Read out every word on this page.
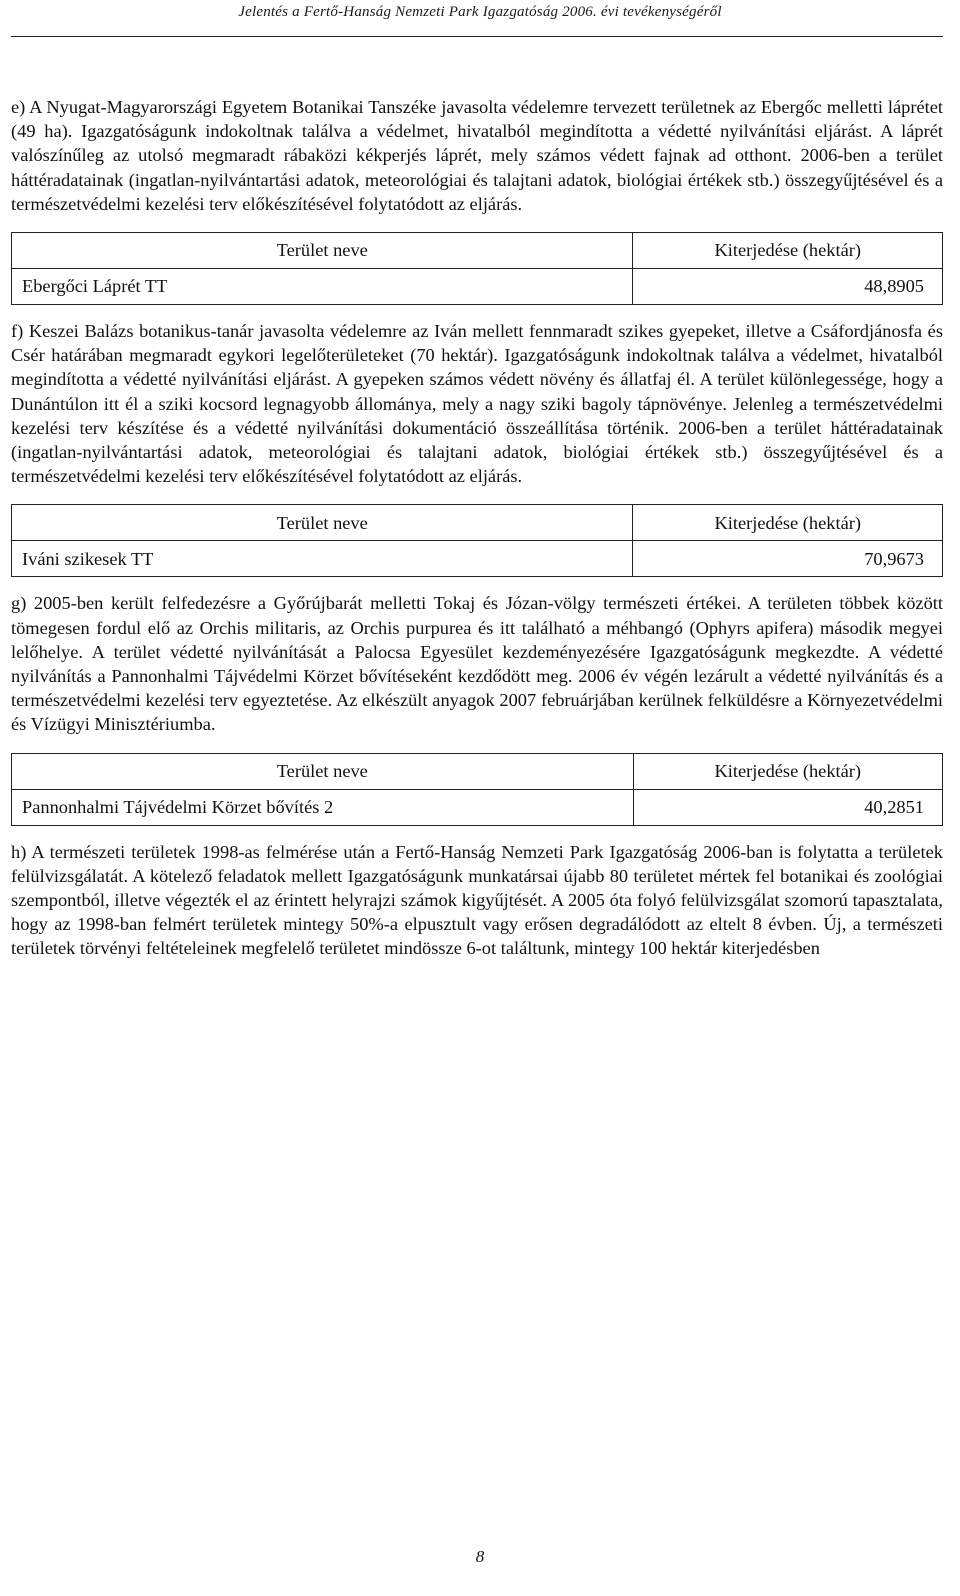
Jelentés a Fertő-Hanság Nemzeti Park Igazgatóság 2006. évi tevékenységéről

e) A Nyugat-Magyarországi Egyetem Botanikai Tanszéke javasolta védelemre tervezett területnek az Ebergőc melletti láprétet (49 ha). Igazgatóságunk indokoltnak találva a védelmet, hivatalból megindította a védetté nyilvánítási eljárást. A láprét valószínűleg az utolsó megmaradt rábaközi kékperjés láprét, mely számos védett fajnak ad otthont. 2006-ben a terület háttéradatainak (ingatlan-nyilvántartási adatok, meteorológiai és talajtani adatok, biológiai értékek stb.) összegyűjtésével és a természetvédelmi kezelési terv előkészítésével folytatódott az eljárás.

Terület neve	Kiterjedése (hektár)
Ebergőci Láprét TT	48,8905

f) Keszei Balázs botanikus-tanár javasolta védelemre az Iván mellett fennmaradt szikes gyepeket, illetve a Csáfordjánosfa és Csér határában megmaradt egykori legelőterületeket (70 hektár). Igazgatóságunk indokoltnak találva a védelmet, hivatalból megindította a védetté nyilvánítási eljárást. A gyepeken számos védett növény és állatfaj él. A terület különlegessége, hogy a Dunántúlon itt él a sziki kocsord legnagyobb állománya, mely a nagy sziki bagoly tápnövénye. Jelenleg a természetvédelmi kezelési terv készítése és a védetté nyilvánítási dokumentáció összeállítása történik. 2006-ben a terület háttéradatainak (ingatlan-nyilvántartási adatok, meteorológiai és talajtani adatok, biológiai értékek stb.) összegyűjtésével és a természetvédelmi kezelési terv előkészítésével folytatódott az eljárás.

Terület neve	Kiterjedése (hektár)
Iváni szikesek TT	70,9673

g) 2005-ben került felfedezésre a Győrújbarát melletti Tokaj és Józan-völgy természeti értékei. A területen többek között tömegesen fordul elő az Orchis militaris, az Orchis purpurea és itt található a méhbangó (Ophyrs apifera) második megyei lelőhelye. A terület védetté nyilvánítását a Palocsa Egyesület kezdeményezésére Igazgatóságunk megkezdte. A védetté nyilvánítás a Pannonhalmi Tájvédelmi Körzet bővítéseként kezdődött meg. 2006 év végén lezárult a védetté nyilvánítás és a természetvédelmi kezelési terv egyeztetése. Az elkészült anyagok 2007 februárjában kerülnek felküldésre a Környezetvédelmi és Vízügyi Minisztériumba.

Terület neve	Kiterjedése (hektár)
Pannonhalmi Tájvédelmi Körzet bővítés 2	40,2851

h) A természeti területek 1998-as felmérése után a Fertő-Hanság Nemzeti Park Igazgatóság 2006-ban is folytatta a területek felülvizsgálatát. A kötelező feladatok mellett Igazgatóságunk munkatársai újabb 80 területet mértek fel botanikai és zoológiai szempontból, illetve végezték el az érintett helyrajzi számok kigyűjtését. A 2005 óta folyó felülvizsgálat szomorú tapasztalata, hogy az 1998-ban felmért területek mintegy 50%-a elpusztult vagy erősen degradálódott az eltelt 8 évben. Új, a természeti területek törvényi feltételeinek megfelelő területet mindössze 6-ot találtunk, mintegy 100 hektár kiterjedésben

8
